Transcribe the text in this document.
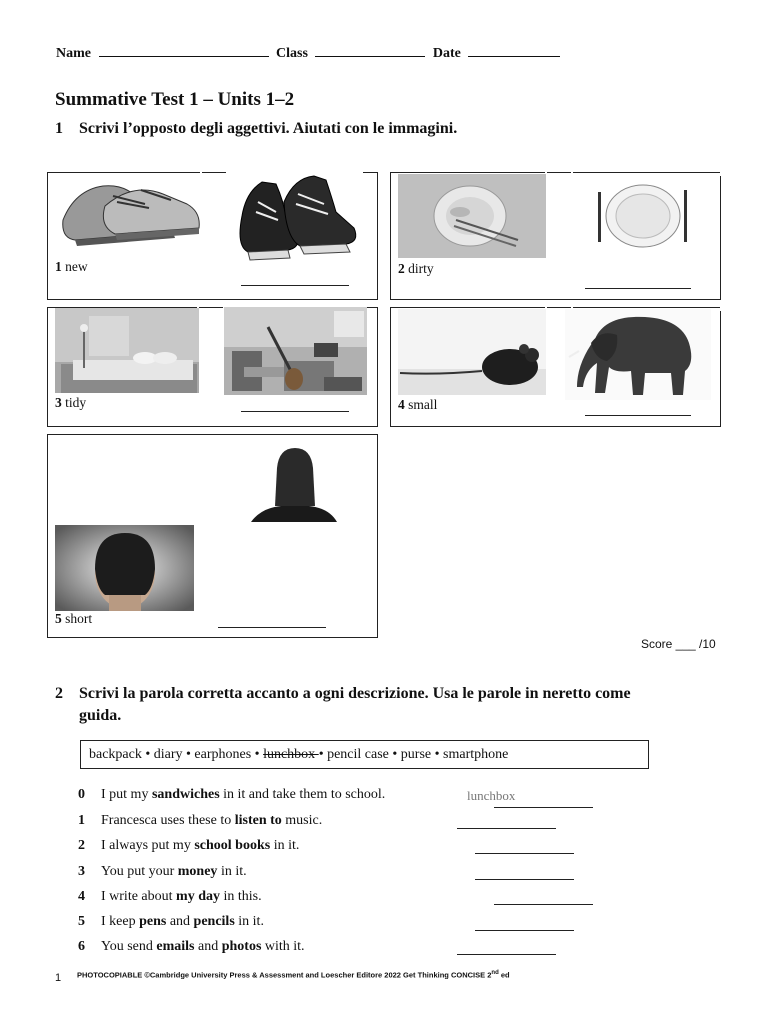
Name	Class	Date
Summative Test 1 – Units 1–2
1 Scrivi l’opposto degli aggettivi. Aiutati con le immagini.
1 new	2 dirty
3 tidy	4 small
5 short
Score ___ /10
2 Scrivi la parola corretta accanto a ogni descrizione. Usa le parole in neretto come
guida.
backpack • diary • earphones • lunchbox • pencil case • purse • smartphone
0 I put my sandwiches in it and take them to school.	lunchbox
1 Francesca uses these to listen to music.
2 I always put my school books in it.
3 You put your money in it.
4 I write about my day in this.
5 I keep pens and pencils in it.
6 You send emails and photos with it.
1 PHOTOCOPIABLE ©Cambridge University Press & Assessment and Loescher Editore 2022 Get Thinking CONCISE 2nd ed
